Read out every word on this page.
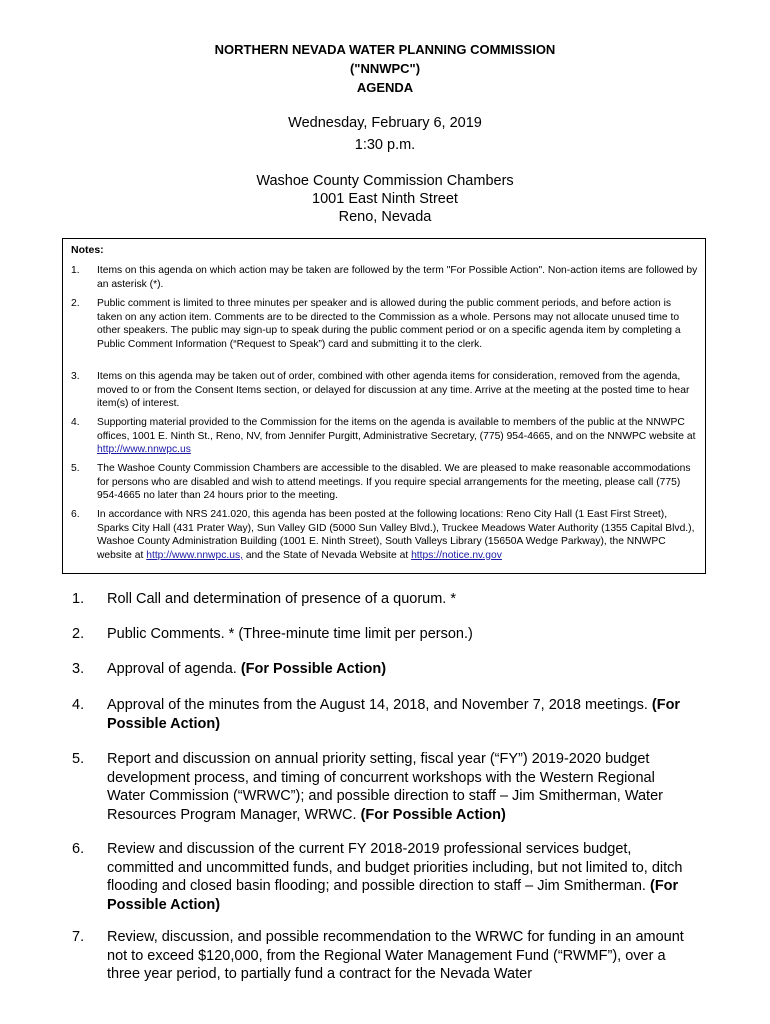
NORTHERN NEVADA WATER PLANNING COMMISSION
("NNWPC")
AGENDA
Wednesday, February 6, 2019
1:30 p.m.
Washoe County Commission Chambers
1001 East Ninth Street
Reno, Nevada
Notes:
1.	Items on this agenda on which action may be taken are followed by the term "For Possible Action". Non-action items are followed by an asterisk (*).
2.	Public comment is limited to three minutes per speaker and is allowed during the public comment periods, and before action is taken on any action item. Comments are to be directed to the Commission as a whole. Persons may not allocate unused time to other speakers. The public may sign-up to speak during the public comment period or on a specific agenda item by completing a Public Comment Information (“Request to Speak”) card and submitting it to the clerk.
3.	Items on this agenda may be taken out of order, combined with other agenda items for consideration, removed from the agenda, moved to or from the Consent Items section, or delayed for discussion at any time. Arrive at the meeting at the posted time to hear item(s) of interest.
4.	Supporting material provided to the Commission for the items on the agenda is available to members of the public at the NNWPC offices, 1001 E. Ninth St., Reno, NV, from Jennifer Purgitt, Administrative Secretary, (775) 954-4665, and on the NNWPC website at http://www.nnwpc.us
5.	The Washoe County Commission Chambers are accessible to the disabled. We are pleased to make reasonable accommodations for persons who are disabled and wish to attend meetings. If you require special arrangements for the meeting, please call (775) 954-4665 no later than 24 hours prior to the meeting.
6.	In accordance with NRS 241.020, this agenda has been posted at the following locations: Reno City Hall (1 East First Street), Sparks City Hall (431 Prater Way), Sun Valley GID (5000 Sun Valley Blvd.), Truckee Meadows Water Authority (1355 Capital Blvd.), Washoe County Administration Building (1001 E. Ninth Street), South Valleys Library (15650A Wedge Parkway), the NNWPC website at http://www.nnwpc.us, and the State of Nevada Website at https://notice.nv.gov
1. Roll Call and determination of presence of a quorum. *
2. Public Comments. * (Three-minute time limit per person.)
3. Approval of agenda. (For Possible Action)
4. Approval of the minutes from the August 14, 2018, and November 7, 2018 meetings. (For Possible Action)
5. Report and discussion on annual priority setting, fiscal year (“FY”) 2019-2020 budget development process, and timing of concurrent workshops with the Western Regional Water Commission (“WRWC”); and possible direction to staff – Jim Smitherman, Water Resources Program Manager, WRWC. (For Possible Action)
6. Review and discussion of the current FY 2018-2019 professional services budget, committed and uncommitted funds, and budget priorities including, but not limited to, ditch flooding and closed basin flooding; and possible direction to staff – Jim Smitherman. (For Possible Action)
7. Review, discussion, and possible recommendation to the WRWC for funding in an amount not to exceed $120,000, from the Regional Water Management Fund (“RWMF”), over a three year period, to partially fund a contract for the Nevada Water
